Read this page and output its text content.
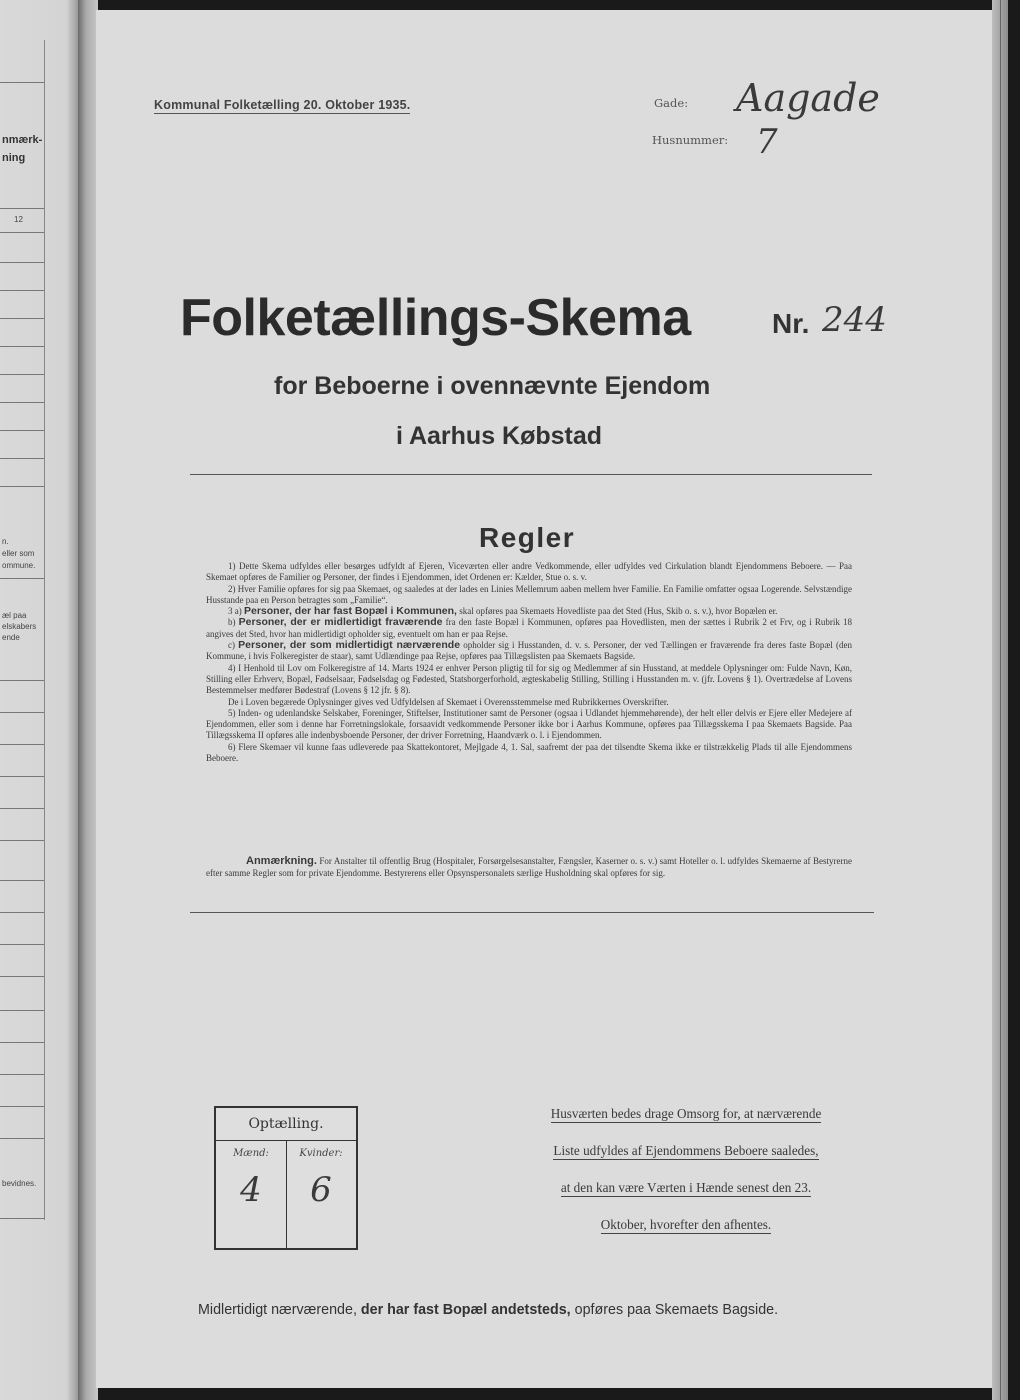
nmærk-
ning
12
n.
eller som
ommune.
æl paa
elskabers
ende
bevidnes.
Kommunal Folketælling 20. Oktober 1935.	Gade: Aagade
Husnummer: 7
Folketællings-Skema	Nr. 244
for Beboerne i ovennævnte Ejendom
i Aarhus Købstad
Regler

1) Dette Skema udfyldes eller besørges udfyldt af Ejeren, Viceværten eller andre Vedkommende, eller udfyldes ved Cirkulation blandt Ejendommens Beboere. — Paa Skemaet opføres de Familier og Personer, der findes i Ejendommen, idet Ordenen er: Kælder, Stue o. s. v.

2) Hver Familie opføres for sig paa Skemaet, og saaledes at der lades en Linies Mellemrum aaben mellem hver Familie. En Familie omfatter ogsaa Logerende. Selvstændige Husstande paa en Person betragtes som „Familie“.

3 a) Personer, der har fast Bopæl i Kommunen, skal opføres paa Skemaets Hovedliste paa det Sted (Hus, Skib o. s. v.), hvor Bopælen er.

b) Personer, der er midlertidigt fraværende fra den faste Bopæl i Kommunen, opføres paa Hovedlisten, men der sættes i Rubrik 2 et Frv, og i Rubrik 18 angives det Sted, hvor han midlertidigt opholder sig, eventuelt om han er paa Rejse.

c) Personer, der som midlertidigt nærværende opholder sig i Husstanden, d. v. s. Personer, der ved Tællingen er fraværende fra deres faste Bopæl (den Kommune, i hvis Folkeregister de staar), samt Udlændinge paa Rejse, opføres paa Tillægslisten paa Skemaets Bagside.

4) I Henhold til Lov om Folkeregistre af 14. Marts 1924 er enhver Person pligtig til for sig og Medlemmer af sin Husstand, at meddele Oplysninger om: Fulde Navn, Køn, Stilling eller Erhverv, Bopæl, Fødselsaar, Fødselsdag og Fødested, Statsborgerforhold, ægteskabelig Stilling, Stilling i Husstanden m. v. (jfr. Lovens § 1). Overtrædelse af Lovens Bestemmelser medfører Bødestraf (Lovens § 12 jfr. § 8).

De i Loven begærede Oplysninger gives ved Udfyldelsen af Skemaet i Overensstemmelse med Rubrikkernes Overskrifter.

5) Inden- og udenlandske Selskaber, Foreninger, Stiftelser, Institutioner samt de Personer (ogsaa i Udlandet hjemmehørende), der helt eller delvis er Ejere eller Medejere af Ejendommen, eller som i denne har Forretningslokale, forsaavidt vedkommende Personer ikke bor i Aarhus Kommune, opføres paa Tillægsskema I paa Skemaets Bagside. Paa Tillægsskema II opføres alle indenbysboende Personer, der driver Forretning, Haandværk o. l. i Ejendommen.

6) Flere Skemaer vil kunne faas udleverede paa Skattekontoret, Mejlgade 4, 1. Sal, saafremt der paa det tilsendte Skema ikke er tilstrækkelig Plads til alle Ejendommens Beboere.

Anmærkning. For Anstalter til offentlig Brug (Hospitaler, Forsørgelsesanstalter, Fængsler, Kaserner o. s. v.) samt Hoteller o. l. udfyldes Skemaerne af Bestyrerne efter samme Regler som for private Ejendomme. Bestyrerens eller Opsynspersonalets særlige Husholdning skal opføres for sig.

Optælling.
Mænd:	Kvinder:
4	6
Husværten bedes drage Omsorg for, at nærværende
Liste udfyldes af Ejendommens Beboere saaledes,
at den kan være Værten i Hænde senest den 23.
Oktober, hvorefter den afhentes.
Midlertidigt nærværende, der har fast Bopæl andetsteds, opføres paa Skemaets Bagside.
